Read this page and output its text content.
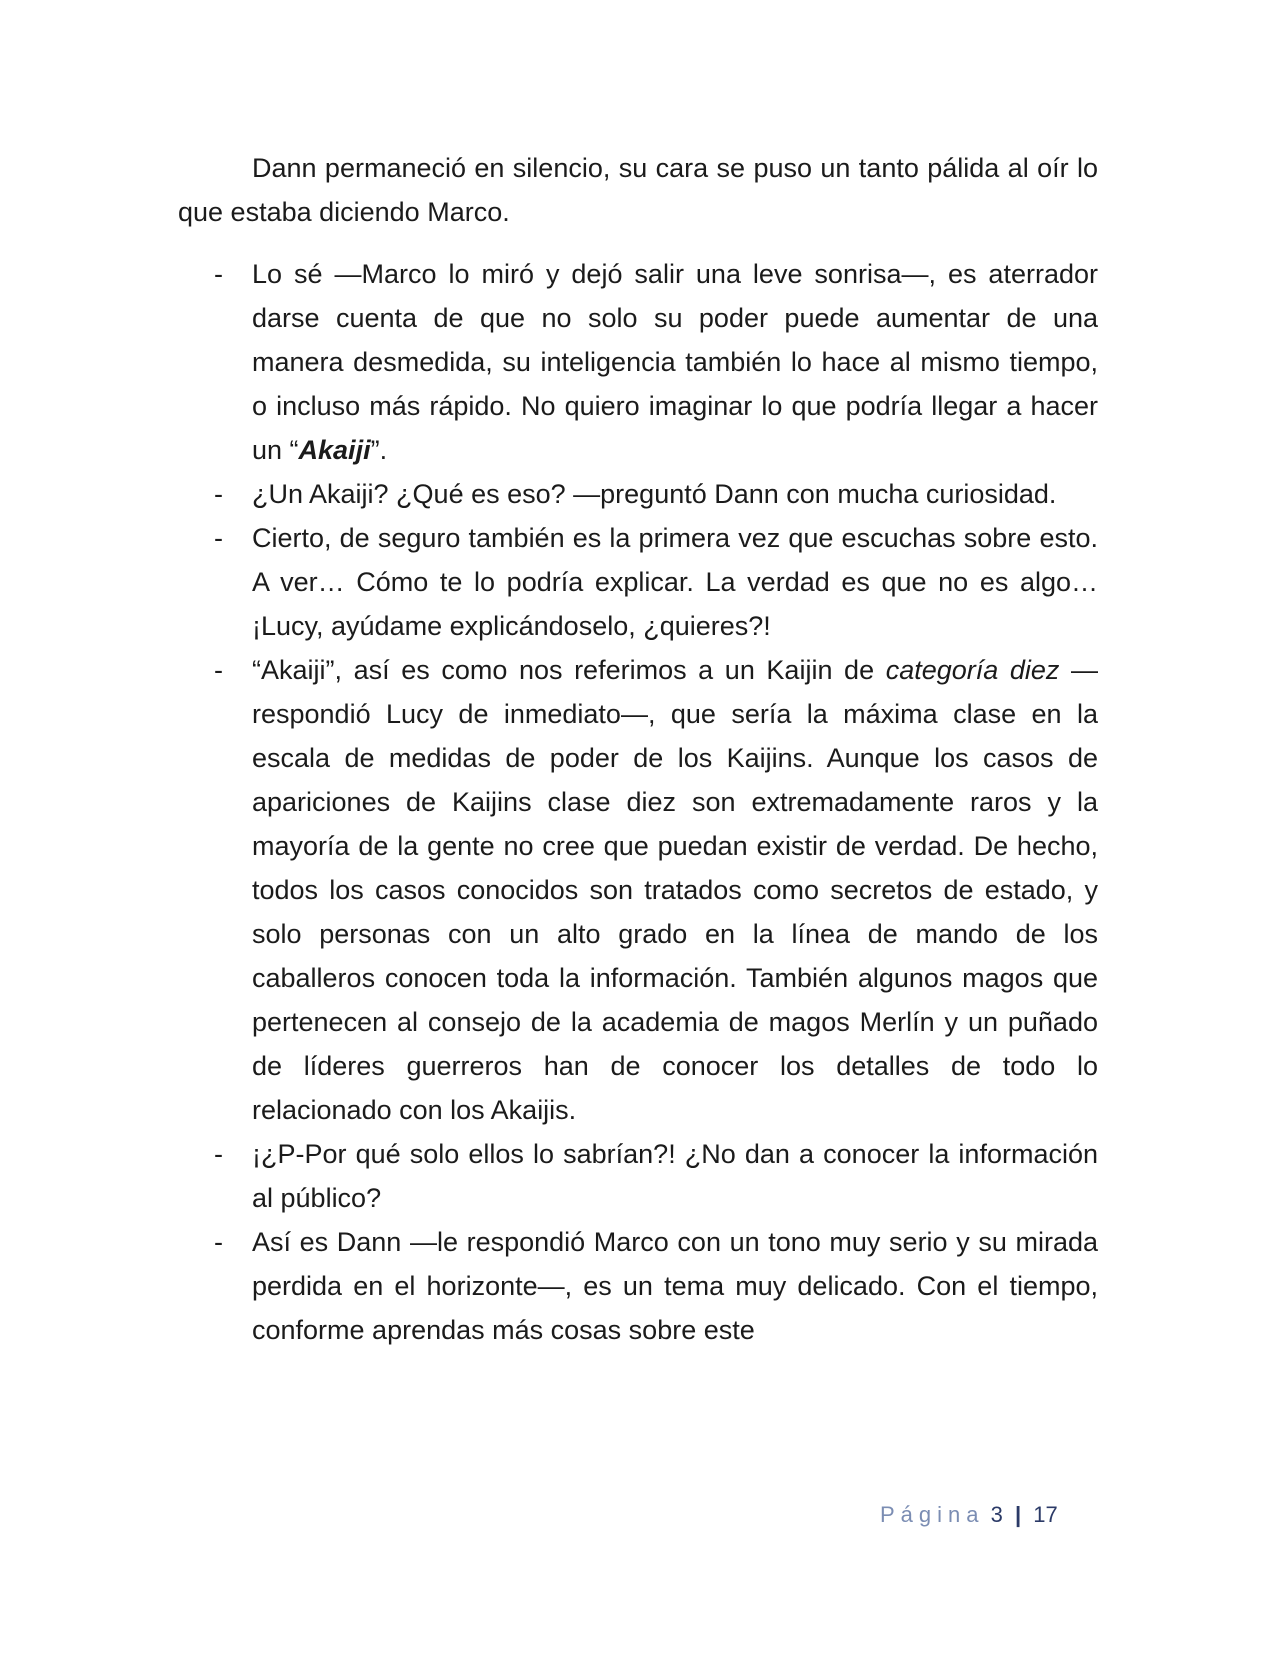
Dann permaneció en silencio, su cara se puso un tanto pálida al oír lo que estaba diciendo Marco.

-	Lo sé —Marco lo miró y dejó salir una leve sonrisa—, es aterrador darse cuenta de que no solo su poder puede aumentar de una manera desmedida, su inteligencia también lo hace al mismo tiempo, o incluso más rápido. No quiero imaginar lo que podría llegar a hacer un “Akaiji”.
-	¿Un Akaiji? ¿Qué es eso? —preguntó Dann con mucha curiosidad.
-	Cierto, de seguro también es la primera vez que escuchas sobre esto. A ver… Cómo te lo podría explicar. La verdad es que no es algo… ¡Lucy, ayúdame explicándoselo, ¿quieres?!
-	“Akaiji”, así es como nos referimos a un Kaijin de categoría diez —respondió Lucy de inmediato—, que sería la máxima clase en la escala de medidas de poder de los Kaijins. Aunque los casos de apariciones de Kaijins clase diez son extremadamente raros y la mayoría de la gente no cree que puedan existir de verdad. De hecho, todos los casos conocidos son tratados como secretos de estado, y solo personas con un alto grado en la línea de mando de los caballeros conocen toda la información. También algunos magos que pertenecen al consejo de la academia de magos Merlín y un puñado de líderes guerreros han de conocer los detalles de todo lo relacionado con los Akaijis.
-	¡¿P-Por qué solo ellos lo sabrían?! ¿No dan a conocer la información al público?
-	Así es Dann —le respondió Marco con un tono muy serio y su mirada perdida en el horizonte—, es un tema muy delicado. Con el tiempo, conforme aprendas más cosas sobre este
Página 3 | 17
